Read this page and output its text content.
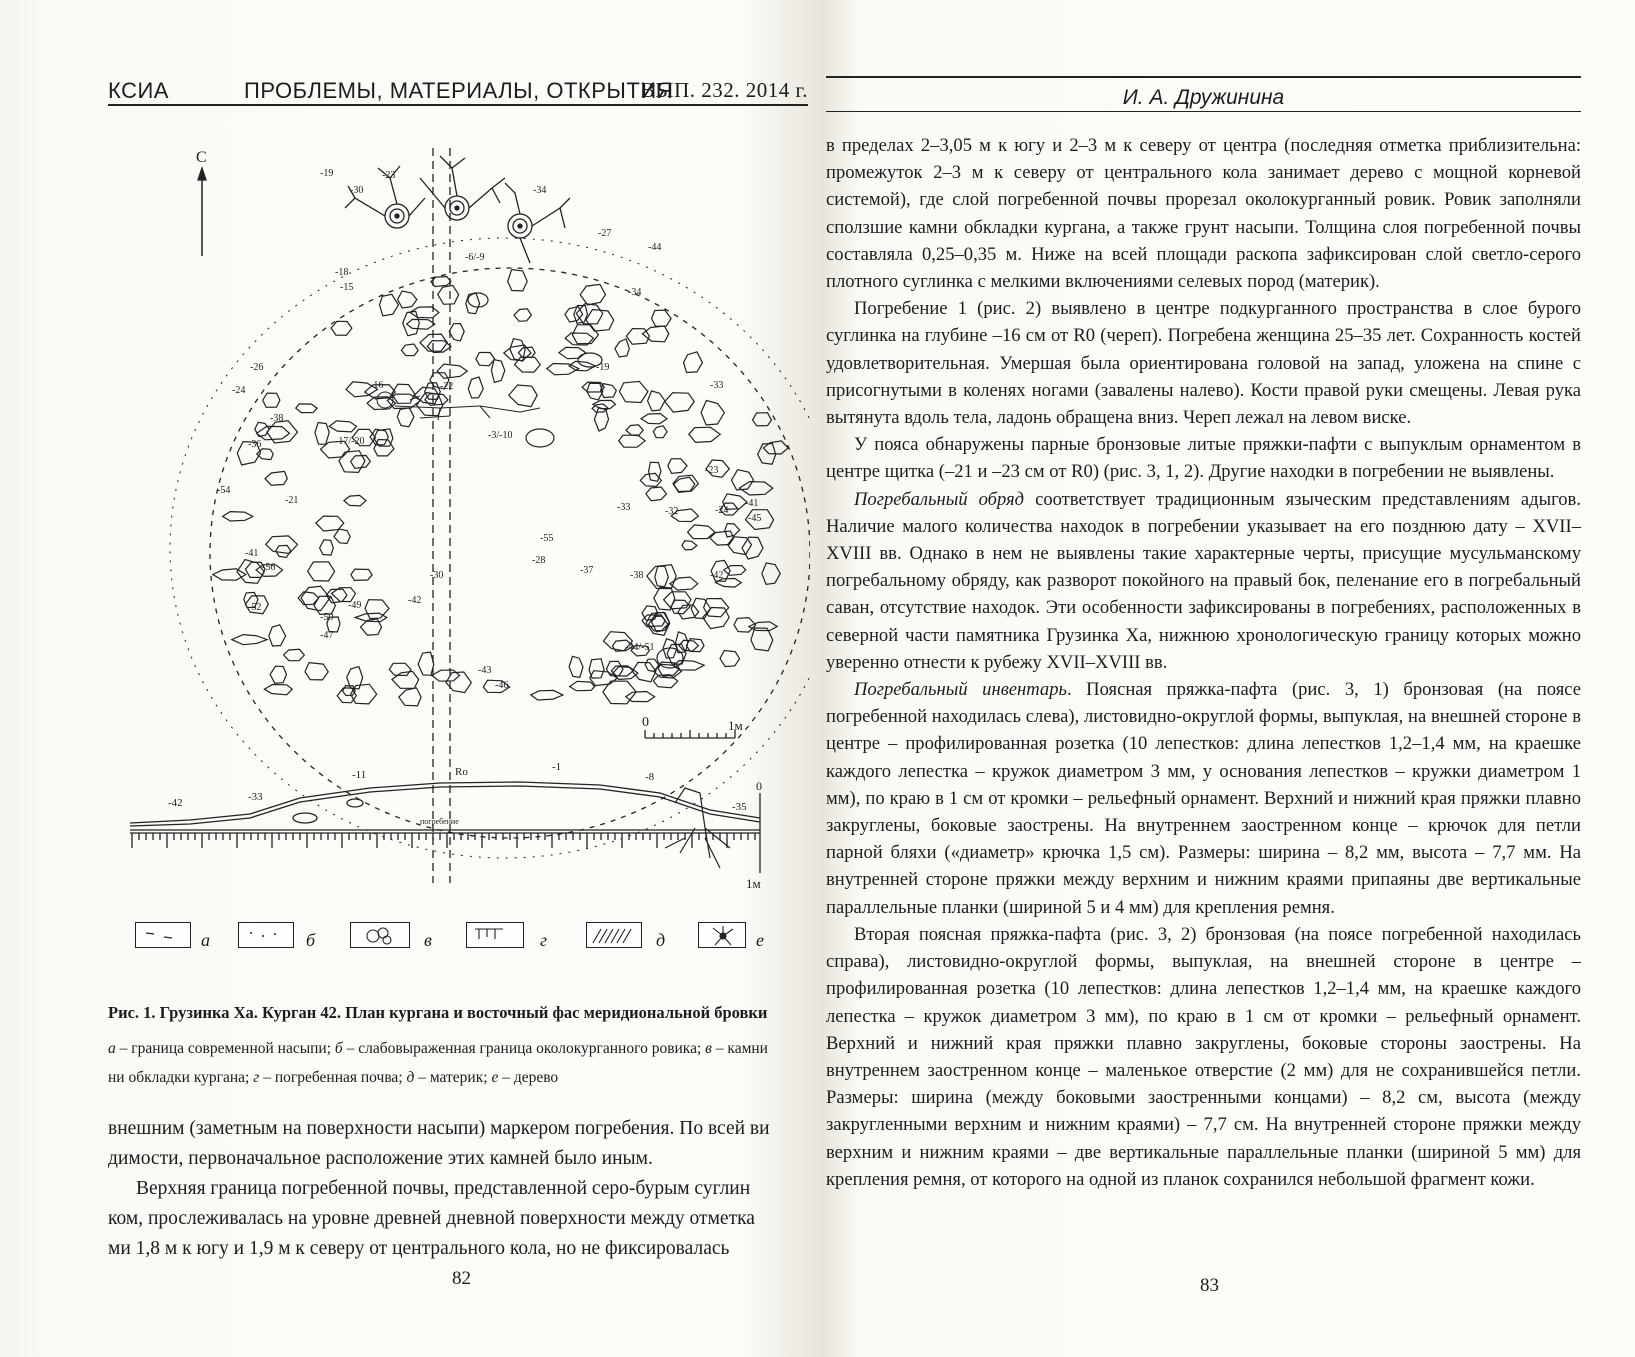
КСИА	ПРОБЛЕМЫ, МАТЕРИАЛЫ, ОТКРЫТИЯ
ВЫП. 232. 2014 г.
-19	-23
-30	-34
-27
-44
-6/-9
-18
-15	-34
-26
-24	-16	-22
-19
-33
-38
-36	-17/-20
-3/-10
-23
-41
-32
-54
-21
-24
-45
-41
-56
-55
-28
-33
-37	-38	-42
-30
-52	-49
-50
-47
-42
-44/-51
-43
-46
С
0	1м
Ro
погребение
0
1м
-42	-33
-11
-1
-8
-35
а	б	в	г	д	е
Рис. 1. Грузинка Ха. Курган 42. План кургана и восточный фас меридиональной бровки
а – граница современной насыпи; б – слабовыраженная граница околокурганного ровика; в – камни
ни обкладки кургана; г – погребенная почва; д – материк; е – дерево

внешним (заметным на поверхности насыпи) маркером погребения. По всей ви

димости, первоначальное расположение этих камней было иным.

Верхняя граница погребенной почвы, представленной серо-бурым суглин

ком, прослеживалась на уровне древней дневной поверхности между отметка

ми 1,8 м к югу и 1,9 м к северу от центрального кола, но не фиксировалась

82
И. А. Дружинина

в пределах 2–3,05 м к югу и 2–3 м к северу от центра (последняя отметка приблизительна: промежуток 2–3 м к северу от центрального кола занимает дерево с мощной корневой системой), где слой погребенной почвы прорезал околокурганный ровик. Ровик заполняли сползшие камни обкладки кургана, а также грунт насыпи. Толщина слоя погребенной почвы составляла 0,25–0,35 м. Ниже на всей площади раскопа зафиксирован слой светло-серого плотного суглинка с мелкими включениями селевых пород (материк).

Погребение 1 (рис. 2) выявлено в центре подкурганного пространства в слое бурого суглинка на глубине –16 см от R0 (череп). Погребена женщина 25–35 лет. Сохранность костей удовлетворительная. Умершая была ориентирована головой на запад, уложена на спине с присогнутыми в коленях ногами (завалены налево). Кости правой руки смещены. Левая рука вытянута вдоль тела, ладонь обращена вниз. Череп лежал на левом виске.

У пояса обнаружены парные бронзовые литые пряжки-пафти с выпуклым орнаментом в центре щитка (–21 и –23 см от R0) (рис. 3, 1, 2). Другие находки в погребении не выявлены.

Погребальный обряд соответствует традиционным языческим представлениям адыгов. Наличие малого количества находок в погребении указывает на его позднюю дату – XVII–XVIII вв. Однако в нем не выявлены такие характерные черты, присущие мусульманскому погребальному обряду, как разворот покойного на правый бок, пеленание его в погребальный саван, отсутствие находок. Эти особенности зафиксированы в погребениях, расположенных в северной части памятника Грузинка Ха, нижнюю хронологическую границу которых можно уверенно отнести к рубежу XVII–XVIII вв.

Погребальный инвентарь. Поясная пряжка-пафта (рис. 3, 1) бронзовая (на поясе погребенной находилась слева), листовидно-округлой формы, выпуклая, на внешней стороне в центре – профилированная розетка (10 лепестков: длина лепестков 1,2–1,4 мм, на краешке каждого лепестка – кружок диаметром 3 мм, у основания лепестков – кружки диаметром 1 мм), по краю в 1 см от кромки – рельефный орнамент. Верхний и нижний края пряжки плавно закруглены, боковые заострены. На внутреннем заостренном конце – крючок для петли парной бляхи («диаметр» крючка 1,5 см). Размеры: ширина – 8,2 мм, высота – 7,7 мм. На внутренней стороне пряжки между верхним и нижним краями припаяны две вертикальные параллельные планки (шириной 5 и 4 мм) для крепления ремня.

Вторая поясная пряжка-пафта (рис. 3, 2) бронзовая (на поясе погребенной находилась справа), листовидно-округлой формы, выпуклая, на внешней стороне в центре – профилированная розетка (10 лепестков: длина лепестков 1,2–1,4 мм, на краешке каждого лепестка – кружок диаметром 3 мм), по краю в 1 см от кромки – рельефный орнамент. Верхний и нижний края пряжки плавно закруглены, боковые стороны заострены. На внутреннем заостренном конце – маленькое отверстие (2 мм) для не сохранившейся петли. Размеры: ширина (между боковыми заостренными концами) – 8,2 см, высота (между закругленными верхним и нижним краями) – 7,7 см. На внутренней стороне пряжки между верхним и нижним краями – две вертикальные параллельные планки (шириной 5 мм) для крепления ремня, от которого на одной из планок сохранился небольшой фрагмент кожи.

83
